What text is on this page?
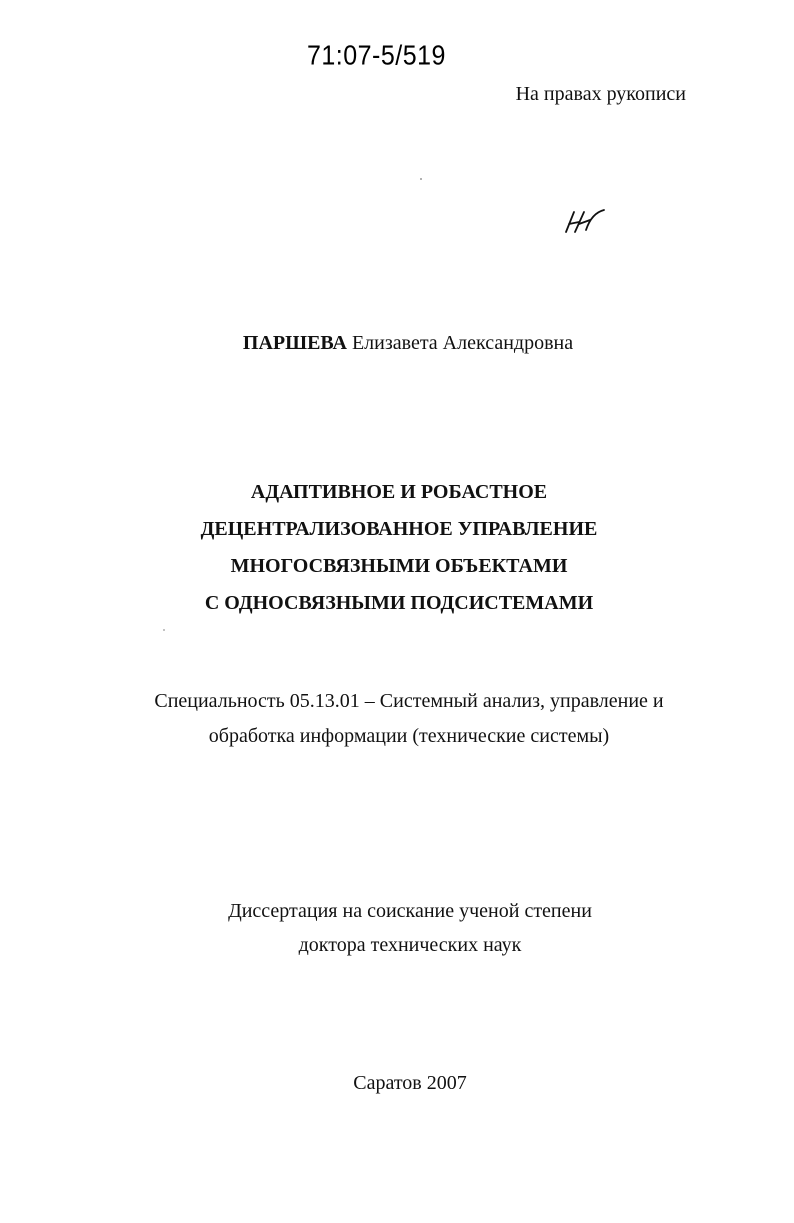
71:07-5/519
На правах рукописи
ПАРШЕВА Елизавета Александровна
АДАПТИВНОЕ И РОБАСТНОЕ
ДЕЦЕНТРАЛИЗОВАННОЕ УПРАВЛЕНИЕ
МНОГОСВЯЗНЫМИ ОБЪЕКТАМИ
С ОДНОСВЯЗНЫМИ ПОДСИСТЕМАМИ
Специальность 05.13.01 – Системный анализ, управление и
обработка информации (технические системы)
Диссертация на соискание ученой степени
доктора технических наук
Саратов 2007
